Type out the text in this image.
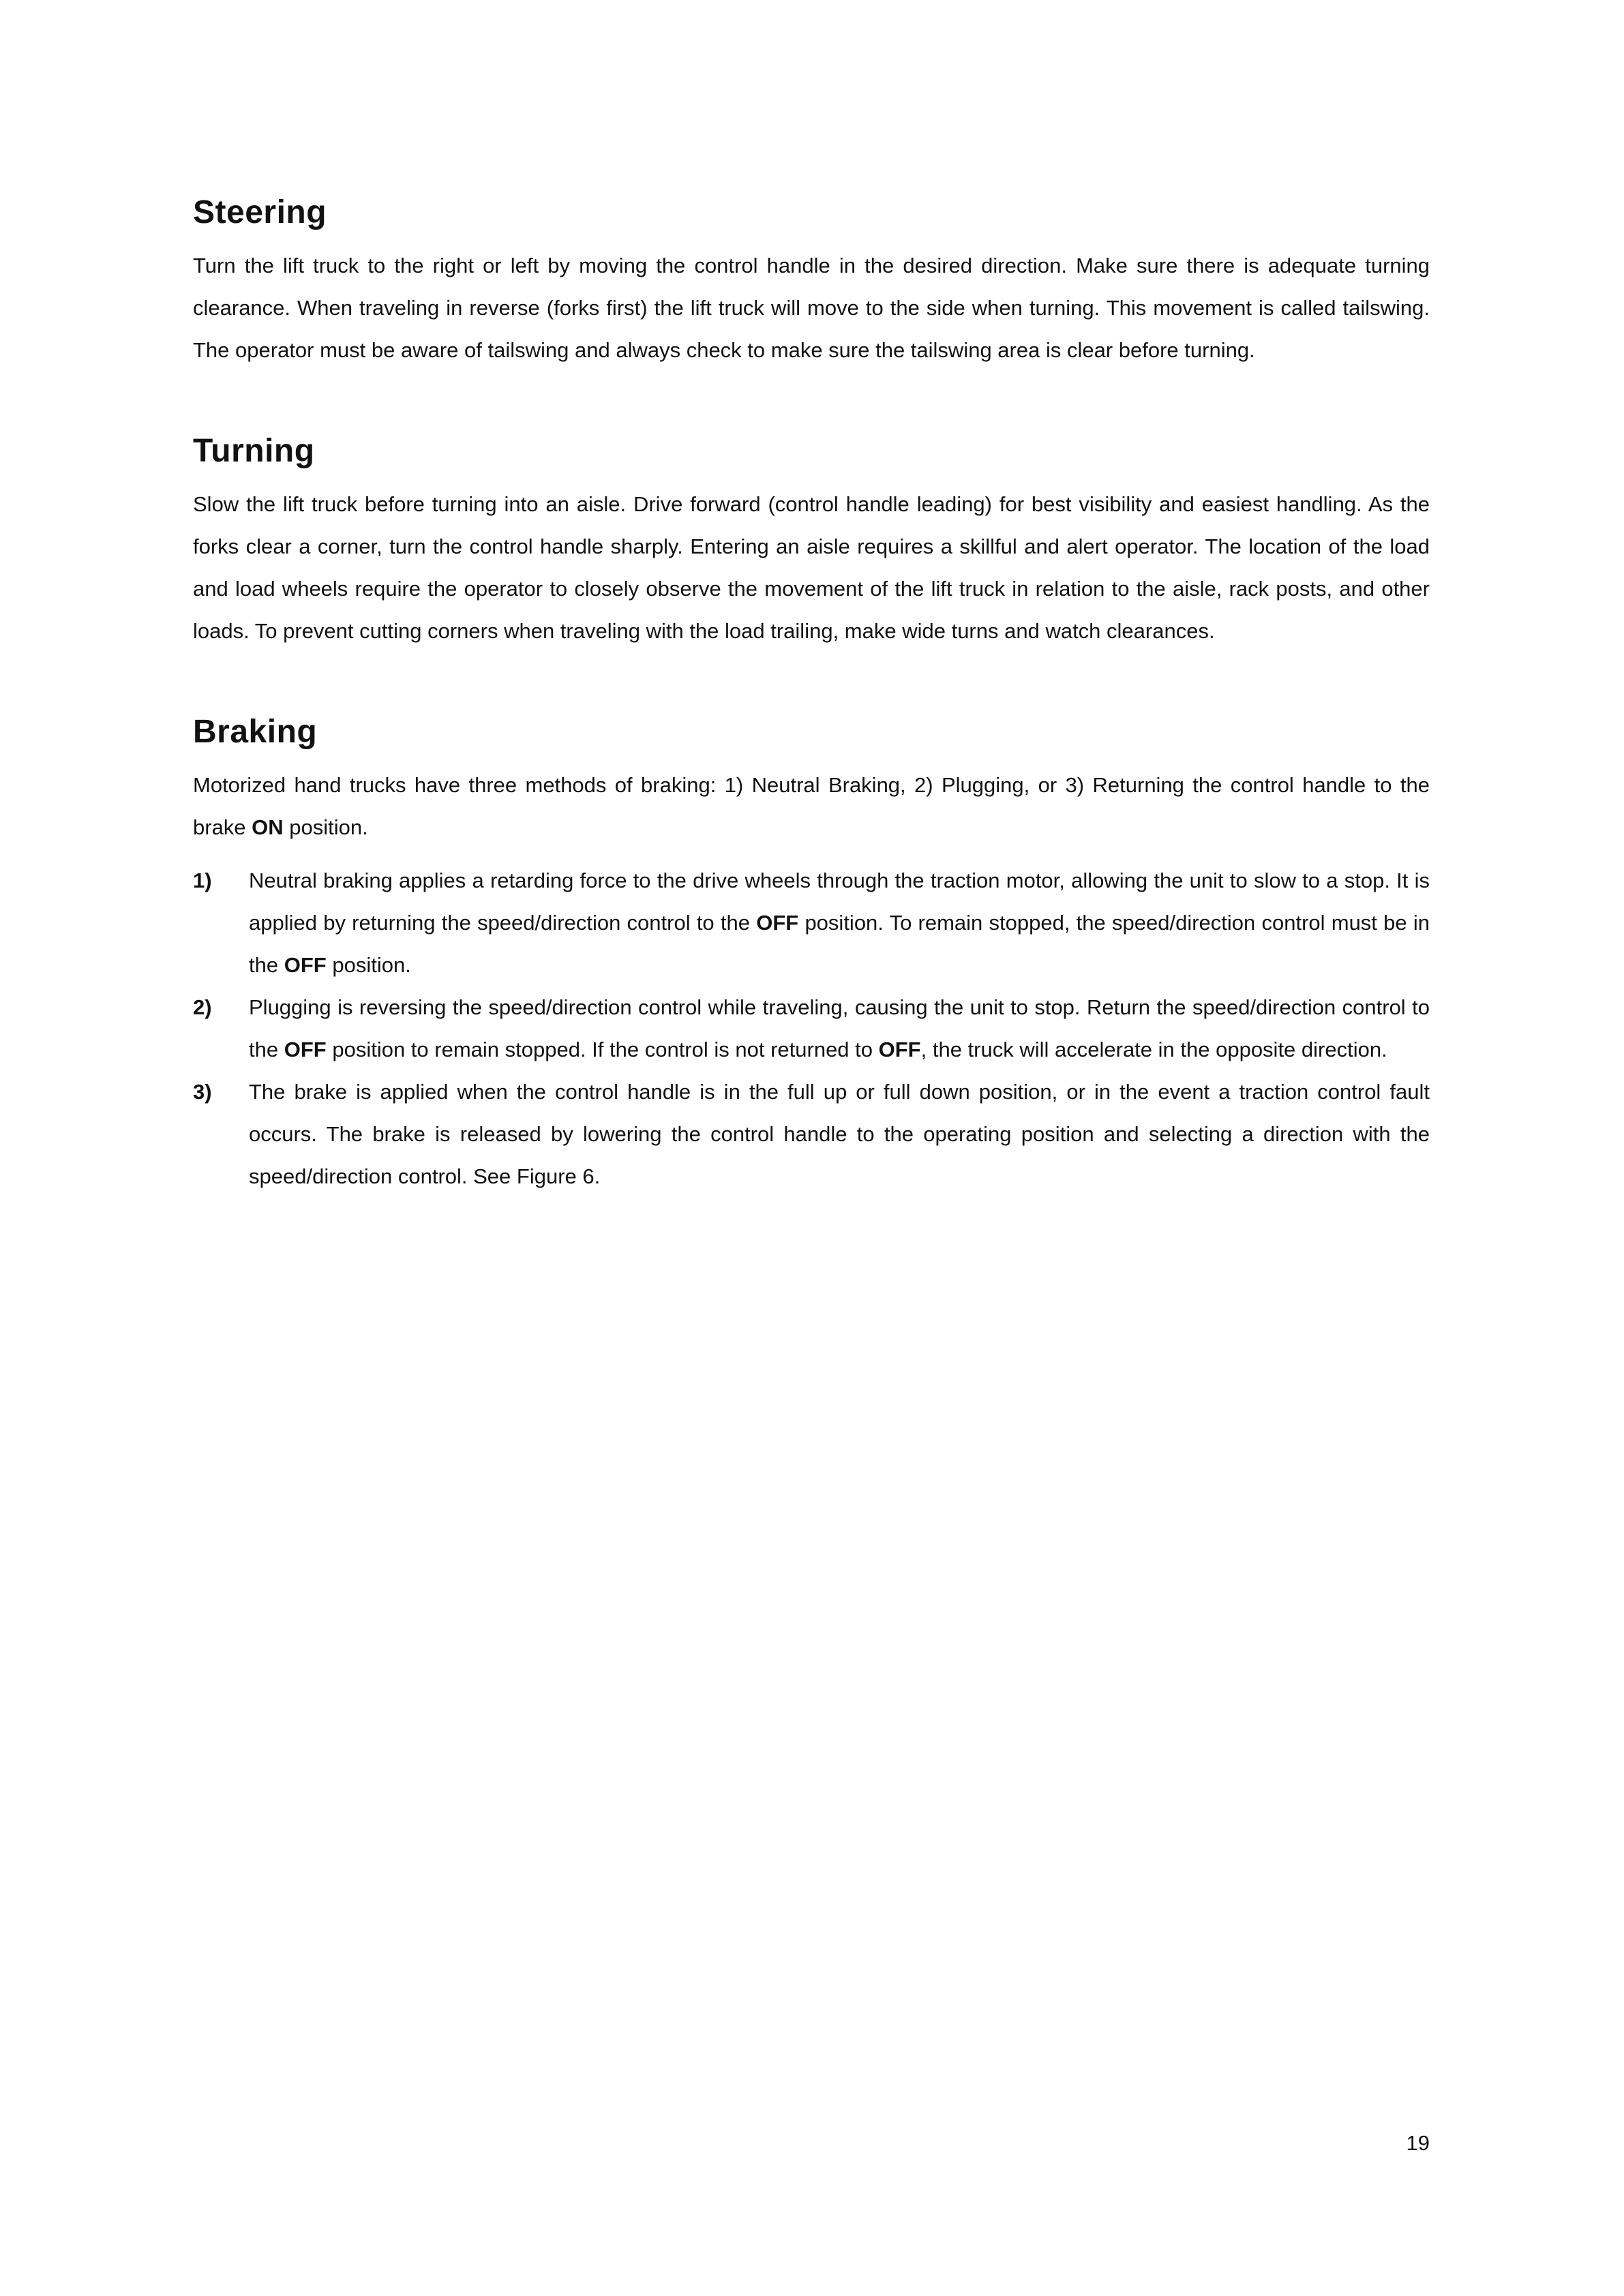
Steering

Turn the lift truck to the right or left by moving the control handle in the desired direction. Make sure there is adequate turning clearance. When traveling in reverse (forks first) the lift truck will move to the side when turning. This movement is called tailswing. The operator must be aware of tailswing and always check to make sure the tailswing area is clear before turning.

Turning

Slow the lift truck before turning into an aisle. Drive forward (control handle leading) for best visibility and easiest handling. As the forks clear a corner, turn the control handle sharply. Entering an aisle requires a skillful and alert operator. The location of the load and load wheels require the operator to closely observe the movement of the lift truck in relation to the aisle, rack posts, and other loads. To prevent cutting corners when traveling with the load trailing, make wide turns and watch clearances.

Braking

Motorized hand trucks have three methods of braking: 1) Neutral Braking, 2) Plugging, or 3) Returning the control handle to the brake ON position.

1) Neutral braking applies a retarding force to the drive wheels through the traction motor, allowing the unit to slow to a stop. It is applied by returning the speed/direction control to the OFF position. To remain stopped, the speed/direction control must be in the OFF position.
2) Plugging is reversing the speed/direction control while traveling, causing the unit to stop. Return the speed/direction control to the OFF position to remain stopped. If the control is not returned to OFF, the truck will accelerate in the opposite direction.
3) The brake is applied when the control handle is in the full up or full down position, or in the event a traction control fault occurs. The brake is released by lowering the control handle to the operating position and selecting a direction with the speed/direction control. See Figure 6.
19
